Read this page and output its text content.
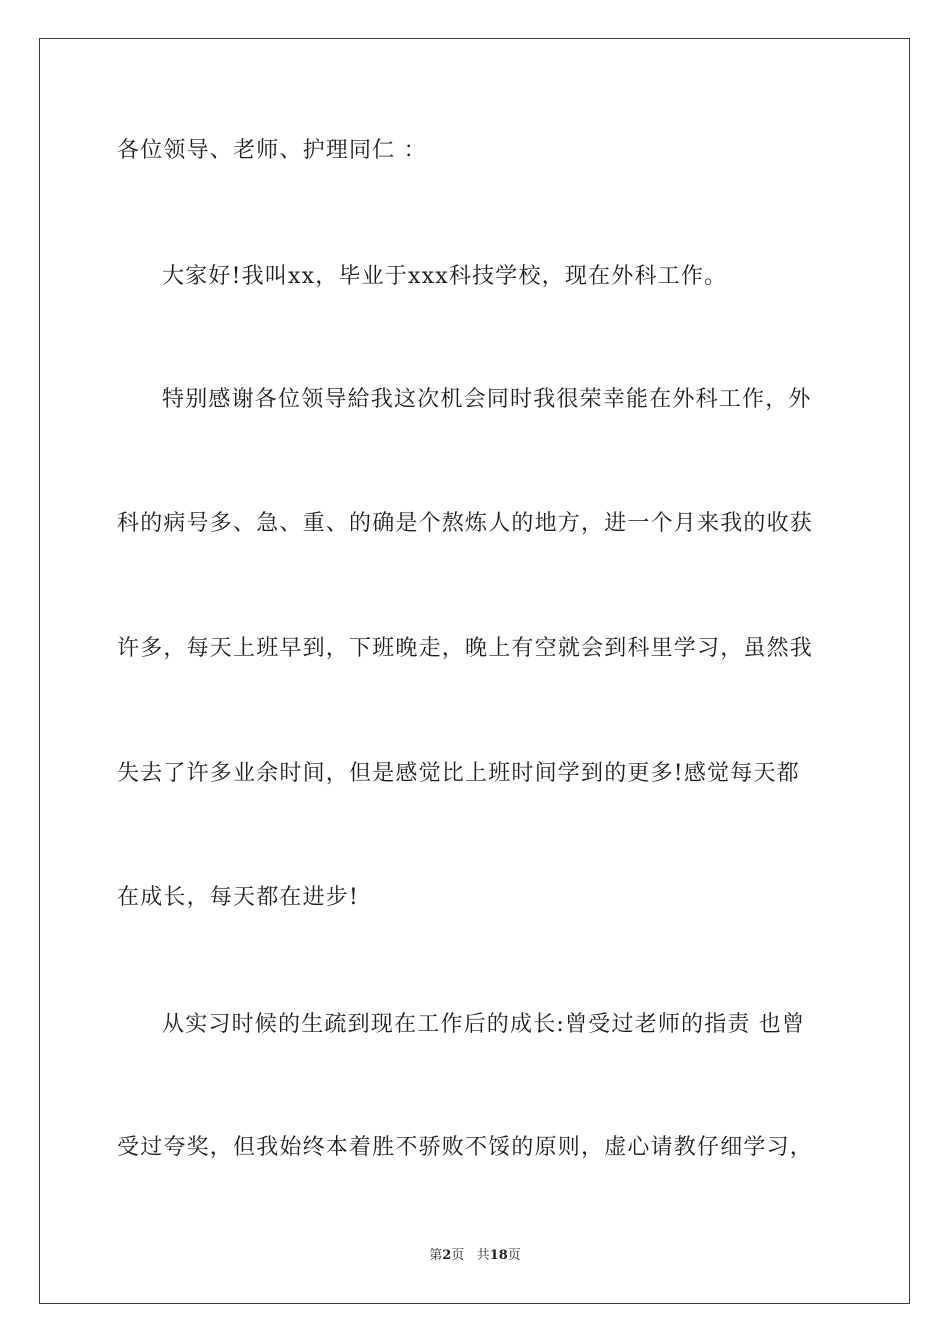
各位领导、老师、护理同仁 ：
大家好!我叫xx，毕业于xxx科技学校，现在外科工作。
特别感谢各位领导給我这次机会同时我很荣幸能在外科工作，外
科的病号多、急、重、的确是个熬炼人的地方，进一个月来我的收获
许多，每天上班早到，下班晚走，晚上有空就会到科里学习，虽然我
失去了许多业余时间，但是感觉比上班时间学到的更多!感觉每天都
在成长，每天都在进步!
从实习时候的生疏到现在工作后的成长:曾受过老师的指责 也曾
受过夸奖，但我始终本着胜不骄败不馁的原则，虚心请教仔细学习，
第2页 共18页
